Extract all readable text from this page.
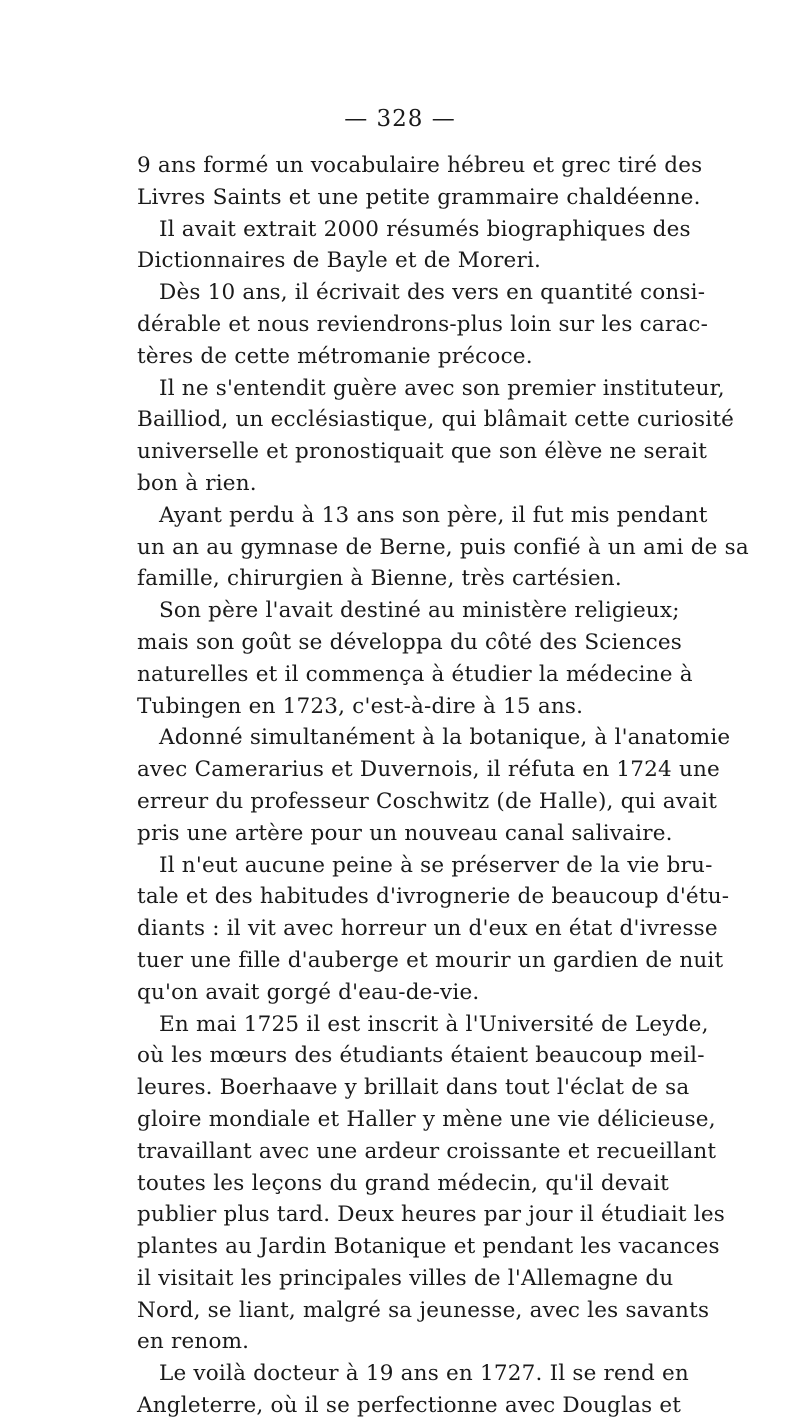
— 328 —
9 ans formé un vocabulaire hébreu et grec tiré des
Livres Saints et une petite grammaire chaldéenne.
Il avait extrait 2000 résumés biographiques des
Dictionnaires de Bayle et de Moreri.
Dès 10 ans, il écrivait des vers en quantité consi-
dérable et nous reviendrons-plus loin sur les carac-
tères de cette métromanie précoce.
Il ne s'entendit guère avec son premier instituteur,
Bailliod, un ecclésiastique, qui blâmait cette curiosité
universelle et pronostiquait que son élève ne serait
bon à rien.
Ayant perdu à 13 ans son père, il fut mis pendant
un an au gymnase de Berne, puis confié à un ami de sa
famille, chirurgien à Bienne, très cartésien.
Son père l'avait destiné au ministère religieux;
mais son goût se développa du côté des Sciences
naturelles et il commença à étudier la médecine à
Tubingen en 1723, c'est-à-dire à 15 ans.
Adonné simultanément à la botanique, à l'anatomie
avec Camerarius et Duvernois, il réfuta en 1724 une
erreur du professeur Coschwitz (de Halle), qui avait
pris une artère pour un nouveau canal salivaire.
Il n'eut aucune peine à se préserver de la vie bru-
tale et des habitudes d'ivrognerie de beaucoup d'étu-
diants : il vit avec horreur un d'eux en état d'ivresse
tuer une fille d'auberge et mourir un gardien de nuit
qu'on avait gorgé d'eau-de-vie.
En mai 1725 il est inscrit à l'Université de Leyde,
où les mœurs des étudiants étaient beaucoup meil-
leures. Boerhaave y brillait dans tout l'éclat de sa
gloire mondiale et Haller y mène une vie délicieuse,
travaillant avec une ardeur croissante et recueillant
toutes les leçons du grand médecin, qu'il devait
publier plus tard. Deux heures par jour il étudiait les
plantes au Jardin Botanique et pendant les vacances
il visitait les principales villes de l'Allemagne du
Nord, se liant, malgré sa jeunesse, avec les savants
en renom.
Le voilà docteur à 19 ans en 1727. Il se rend en
Angleterre, où il se perfectionne avec Douglas et
